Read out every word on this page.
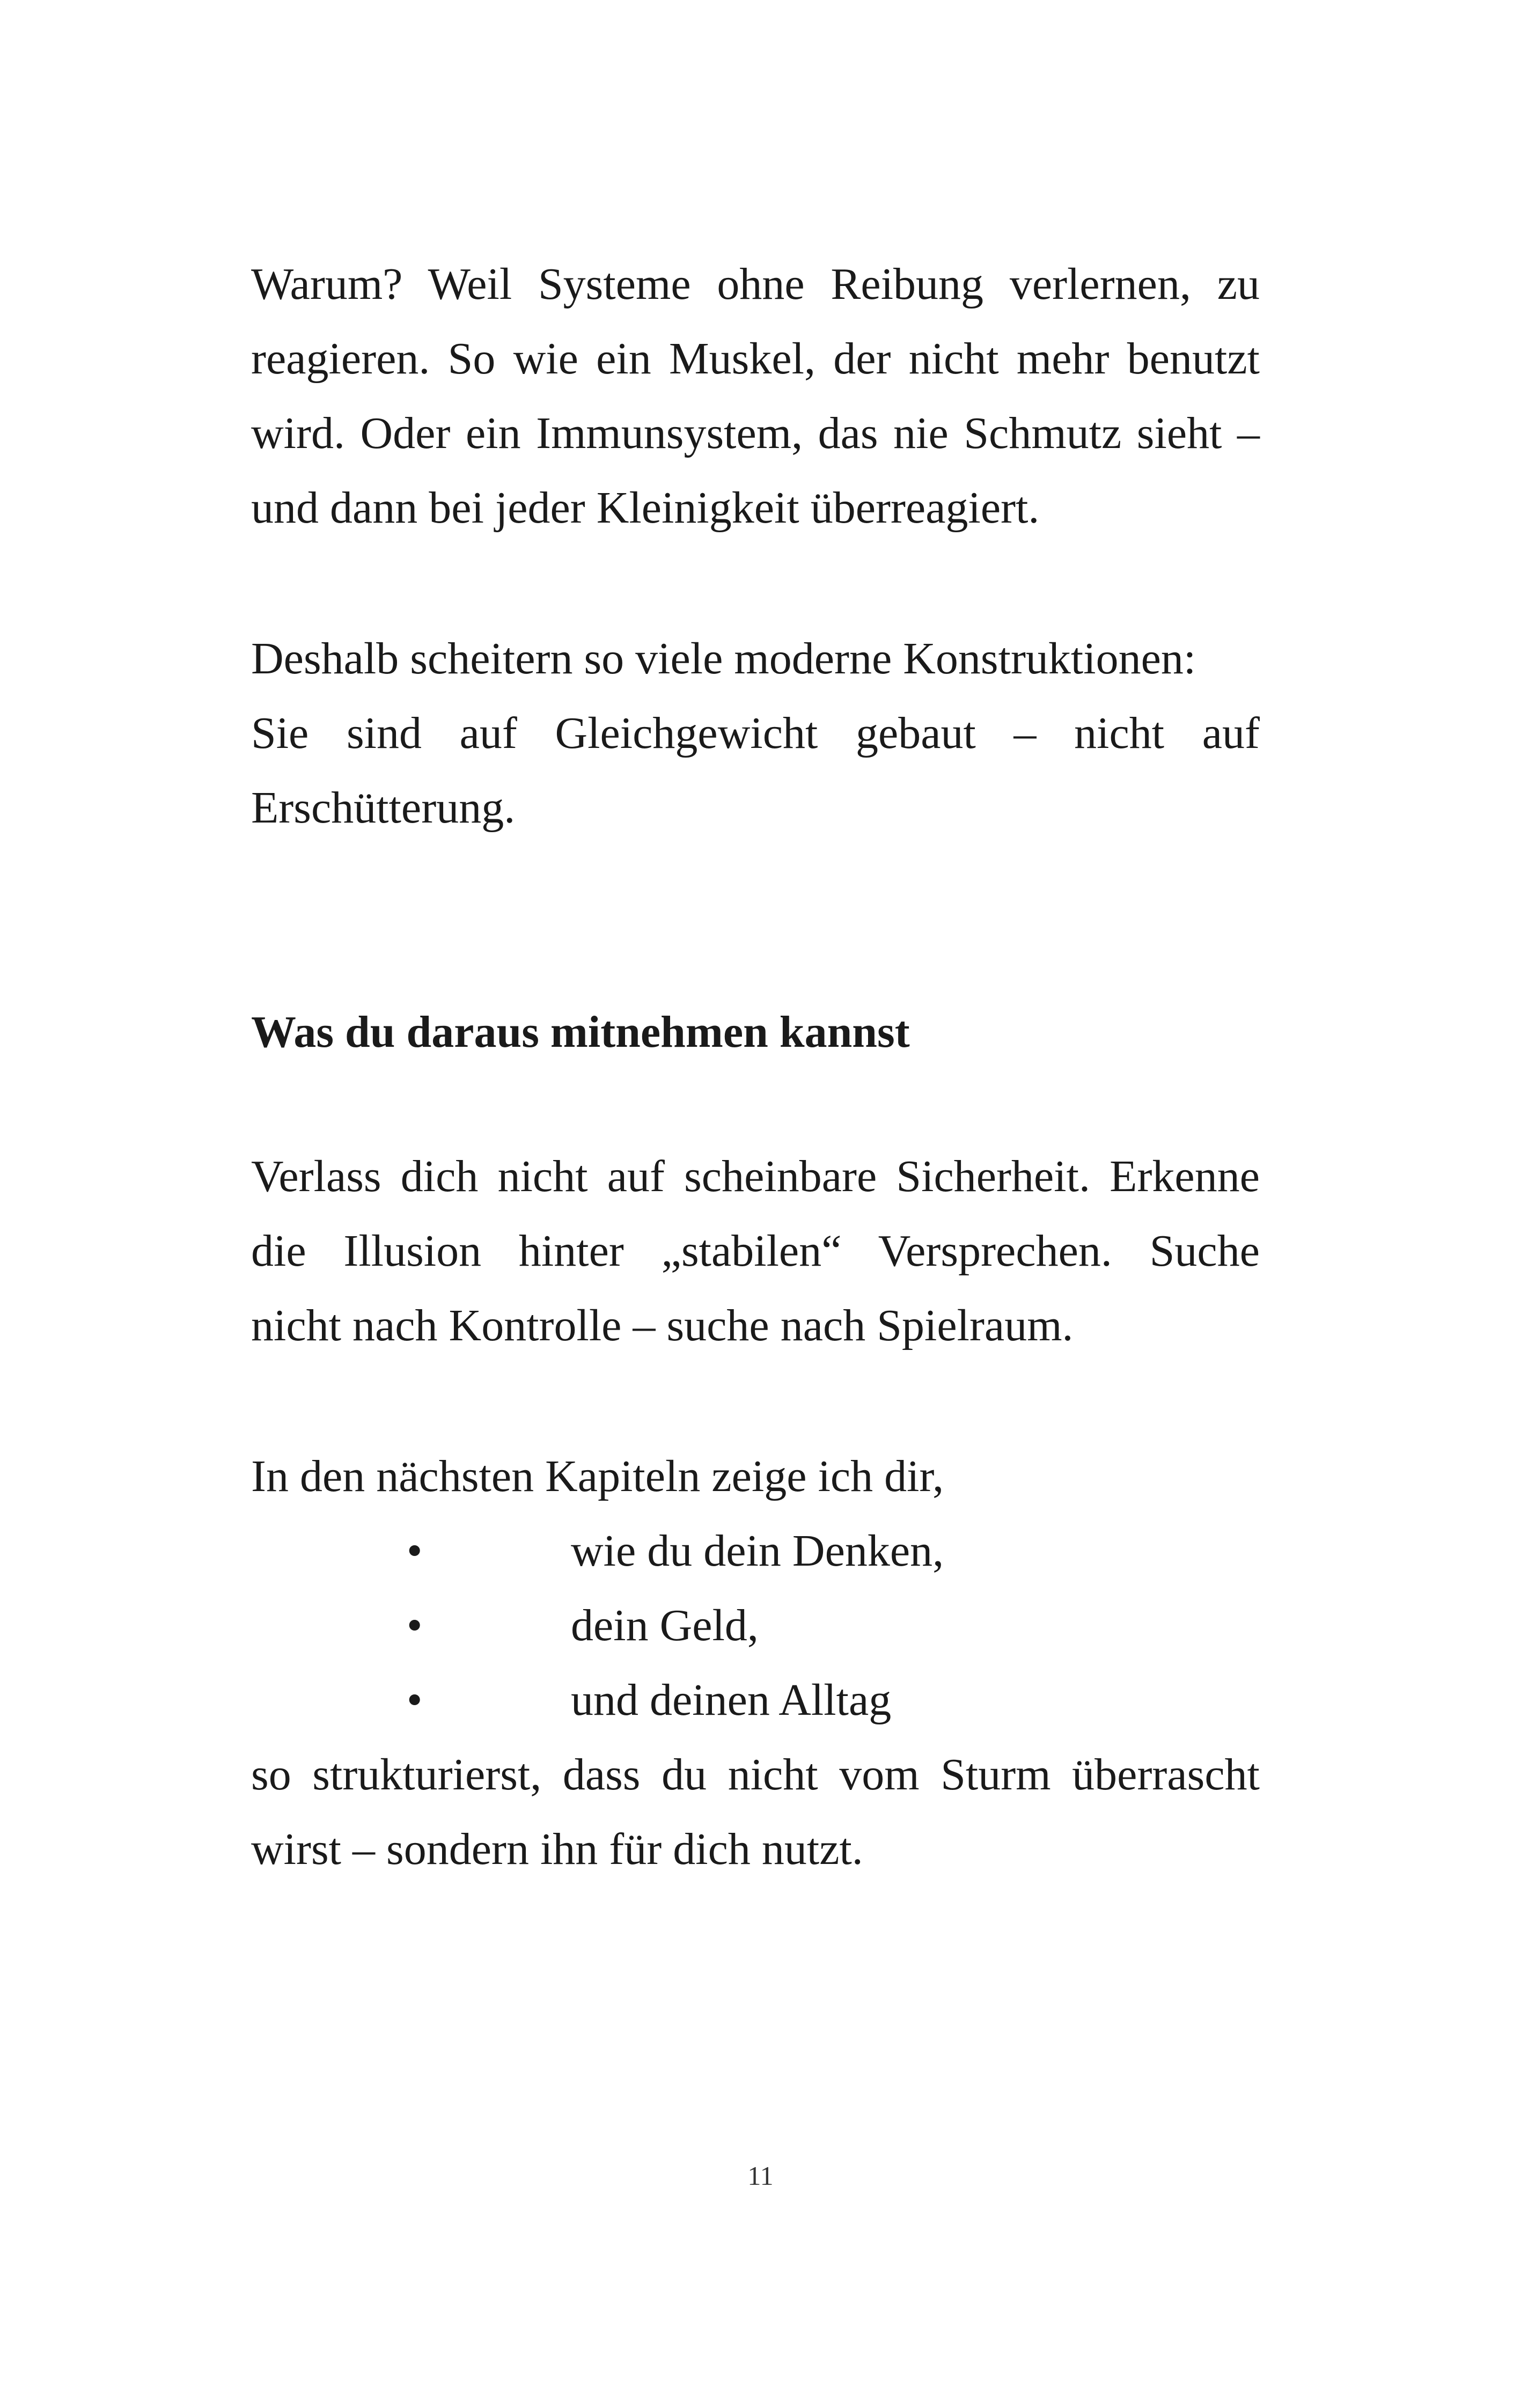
Warum? Weil Systeme ohne Reibung verlernen, zu
reagieren. So wie ein Muskel, der nicht mehr benutzt
wird. Oder ein Immunsystem, das nie Schmutz sieht –
und dann bei jeder Kleinigkeit überreagiert.

Deshalb scheitern so viele moderne Konstruktionen:
Sie sind auf Gleichgewicht gebaut – nicht auf
Erschütterung.

Was du daraus mitnehmen kannst

Verlass dich nicht auf scheinbare Sicherheit. Erkenne
die Illusion hinter „stabilen“ Versprechen. Suche
nicht nach Kontrolle – suche nach Spielraum.

In den nächsten Kapiteln zeige ich dir,

•	wie du dein Denken,
•	dein Geld,
•	und deinen Alltag

so strukturierst, dass du nicht vom Sturm überrascht
wirst – sondern ihn für dich nutzt.

11
